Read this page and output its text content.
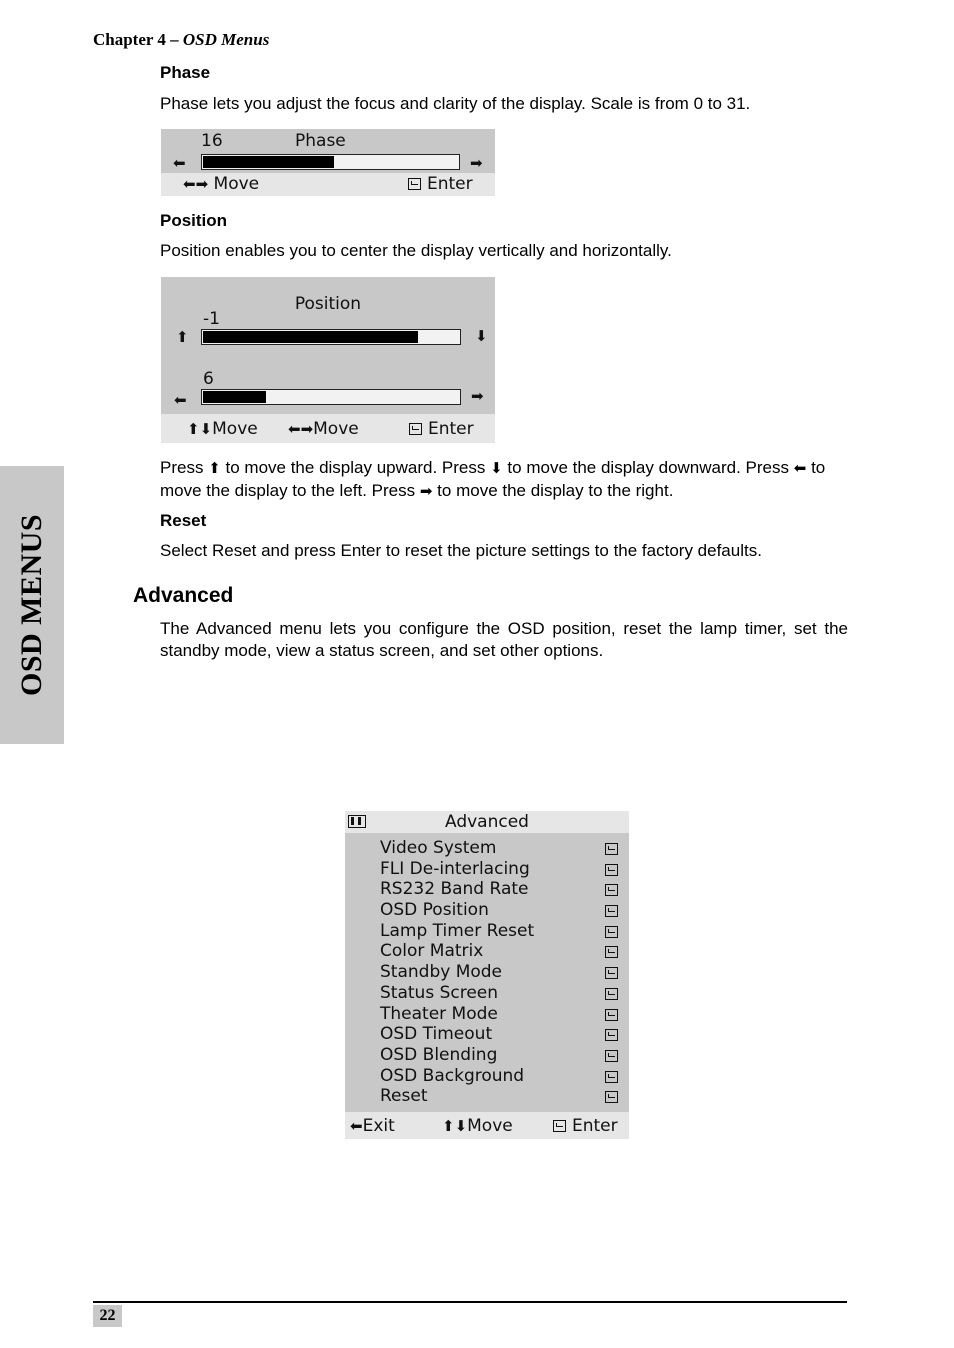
Chapter 4 – OSD Menus
OSD MENUS
Phase
Phase lets you adjust the focus and clarity of the display. Scale is from 0 to 31.
16	Phase
⬅	➡
⬅➡ Move	Enter
Position
Position enables you to center the display vertically and horizontally.
Position
-1
⬆	⬇
6
⬅	➡
⬆⬇Move ⬅➡Move	Enter
Press ⬆ to move the display upward. Press ⬇ to move the display downward. Press ⬅ to move the display to the left. Press ➡ to move the display to the right.
Reset
Select Reset and press Enter to reset the picture settings to the factory defaults.
Advanced
The Advanced menu lets you configure the OSD position, reset the lamp timer, set the standby mode, view a status screen, and set other options.
Advanced
Video System
FLI De-interlacing
RS232 Band Rate
OSD Position
Lamp Timer Reset
Color Matrix
Standby Mode
Status Screen
Theater Mode
OSD Timeout
OSD Blending
OSD Background
Reset
⬅Exit	⬆⬇Move	Enter
22
